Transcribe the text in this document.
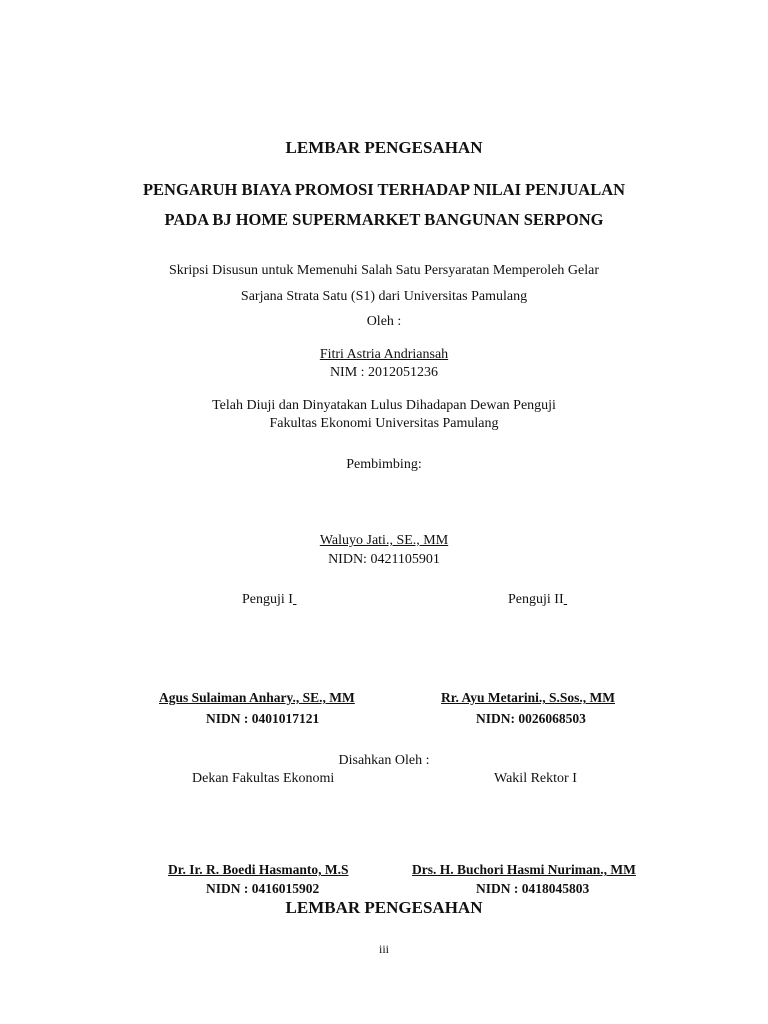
LEMBAR PENGESAHAN
PENGARUH BIAYA PROMOSI TERHADAP NILAI PENJUALAN
PADA BJ HOME SUPERMARKET BANGUNAN SERPONG
Skripsi Disusun untuk Memenuhi Salah Satu Persyaratan Memperoleh Gelar
Sarjana Strata Satu (S1) dari Universitas Pamulang
Oleh :
Fitri Astria Andriansah
NIM : 2012051236
Telah Diuji dan Dinyatakan Lulus Dihadapan Dewan Penguji
Fakultas Ekonomi Universitas Pamulang
Pembimbing:
Waluyo Jati., SE., MM
NIDN: 0421105901
Penguji I	Penguji II
Agus Sulaiman Anhary., SE., MM
NIDN : 0401017121
Rr. Ayu Metarini., S.Sos., MM
NIDN: 0026068503
Disahkan Oleh :
Dekan Fakultas Ekonomi	Wakil Rektor I
Dr. Ir. R. Boedi Hasmanto, M.S
NIDN : 0416015902
Drs. H. Buchori Hasmi Nuriman., MM
NIDN : 0418045803
LEMBAR PENGESAHAN
iii
